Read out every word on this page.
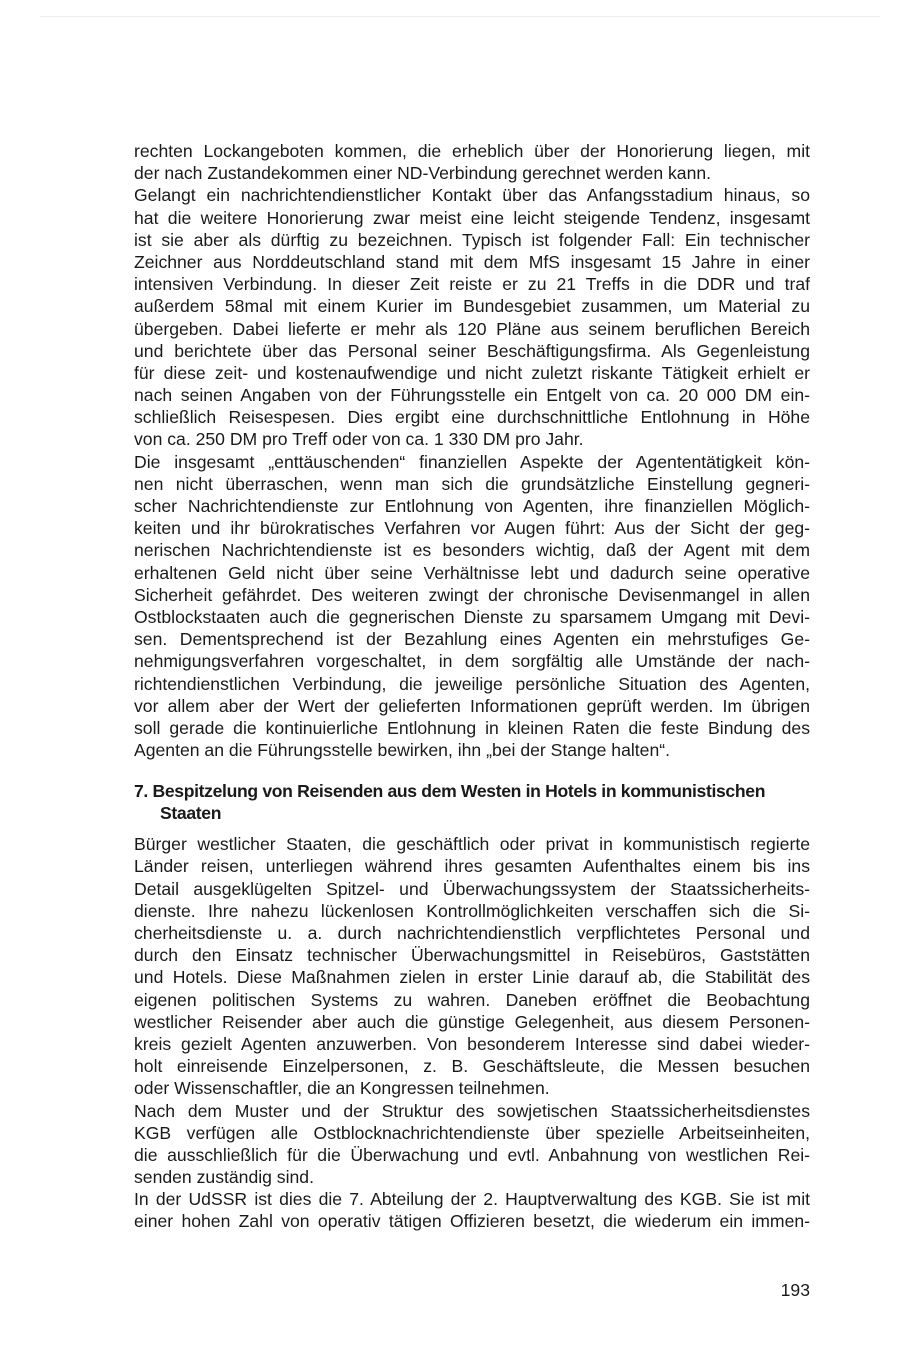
rechten Lockangeboten kommen, die erheblich über der Honorierung liegen, mit
der nach Zustandekommen einer ND-Verbindung gerechnet werden kann.
Gelangt ein nachrichtendienstlicher Kontakt über das Anfangsstadium hinaus, so
hat die weitere Honorierung zwar meist eine leicht steigende Tendenz, insgesamt
ist sie aber als dürftig zu bezeichnen. Typisch ist folgender Fall: Ein technischer
Zeichner aus Norddeutschland stand mit dem MfS insgesamt 15 Jahre in einer
intensiven Verbindung. In dieser Zeit reiste er zu 21 Treffs in die DDR und traf
außerdem 58mal mit einem Kurier im Bundesgebiet zusammen, um Material zu
übergeben. Dabei lieferte er mehr als 120 Pläne aus seinem beruflichen Bereich
und berichtete über das Personal seiner Beschäftigungsfirma. Als Gegenleistung
für diese zeit- und kostenaufwendige und nicht zuletzt riskante Tätigkeit erhielt er
nach seinen Angaben von der Führungsstelle ein Entgelt von ca. 20 000 DM ein-
schließlich Reisespesen. Dies ergibt eine durchschnittliche Entlohnung in Höhe
von ca. 250 DM pro Treff oder von ca. 1 330 DM pro Jahr.
Die insgesamt „enttäuschenden“ finanziellen Aspekte der Agententätigkeit kön-
nen nicht überraschen, wenn man sich die grundsätzliche Einstellung gegneri-
scher Nachrichtendienste zur Entlohnung von Agenten, ihre finanziellen Möglich-
keiten und ihr bürokratisches Verfahren vor Augen führt: Aus der Sicht der geg-
nerischen Nachrichtendienste ist es besonders wichtig, daß der Agent mit dem
erhaltenen Geld nicht über seine Verhältnisse lebt und dadurch seine operative
Sicherheit gefährdet. Des weiteren zwingt der chronische Devisenmangel in allen
Ostblockstaaten auch die gegnerischen Dienste zu sparsamem Umgang mit Devi-
sen. Dementsprechend ist der Bezahlung eines Agenten ein mehrstufiges Ge-
nehmigungsverfahren vorgeschaltet, in dem sorgfältig alle Umstände der nach-
richtendienstlichen Verbindung, die jeweilige persönliche Situation des Agenten,
vor allem aber der Wert der gelieferten Informationen geprüft werden. Im übrigen
soll gerade die kontinuierliche Entlohnung in kleinen Raten die feste Bindung des
Agenten an die Führungsstelle bewirken, ihn „bei der Stange halten“.
7. Bespitzelung von Reisenden aus dem Westen in Hotels in kommunistischen
Staaten
Bürger westlicher Staaten, die geschäftlich oder privat in kommunistisch regierte
Länder reisen, unterliegen während ihres gesamten Aufenthaltes einem bis ins
Detail ausgeklügelten Spitzel- und Überwachungssystem der Staatssicherheits-
dienste. Ihre nahezu lückenlosen Kontrollmöglichkeiten verschaffen sich die Si-
cherheitsdienste u. a. durch nachrichtendienstlich verpflichtetes Personal und
durch den Einsatz technischer Überwachungsmittel in Reisebüros, Gaststätten
und Hotels. Diese Maßnahmen zielen in erster Linie darauf ab, die Stabilität des
eigenen politischen Systems zu wahren. Daneben eröffnet die Beobachtung
westlicher Reisender aber auch die günstige Gelegenheit, aus diesem Personen-
kreis gezielt Agenten anzuwerben. Von besonderem Interesse sind dabei wieder-
holt einreisende Einzelpersonen, z. B. Geschäftsleute, die Messen besuchen
oder Wissenschaftler, die an Kongressen teilnehmen.
Nach dem Muster und der Struktur des sowjetischen Staatssicherheitsdienstes
KGB verfügen alle Ostblocknachrichtendienste über spezielle Arbeitseinheiten,
die ausschließlich für die Überwachung und evtl. Anbahnung von westlichen Rei-
senden zuständig sind.
In der UdSSR ist dies die 7. Abteilung der 2. Hauptverwaltung des KGB. Sie ist mit
einer hohen Zahl von operativ tätigen Offizieren besetzt, die wiederum ein immen-
193
